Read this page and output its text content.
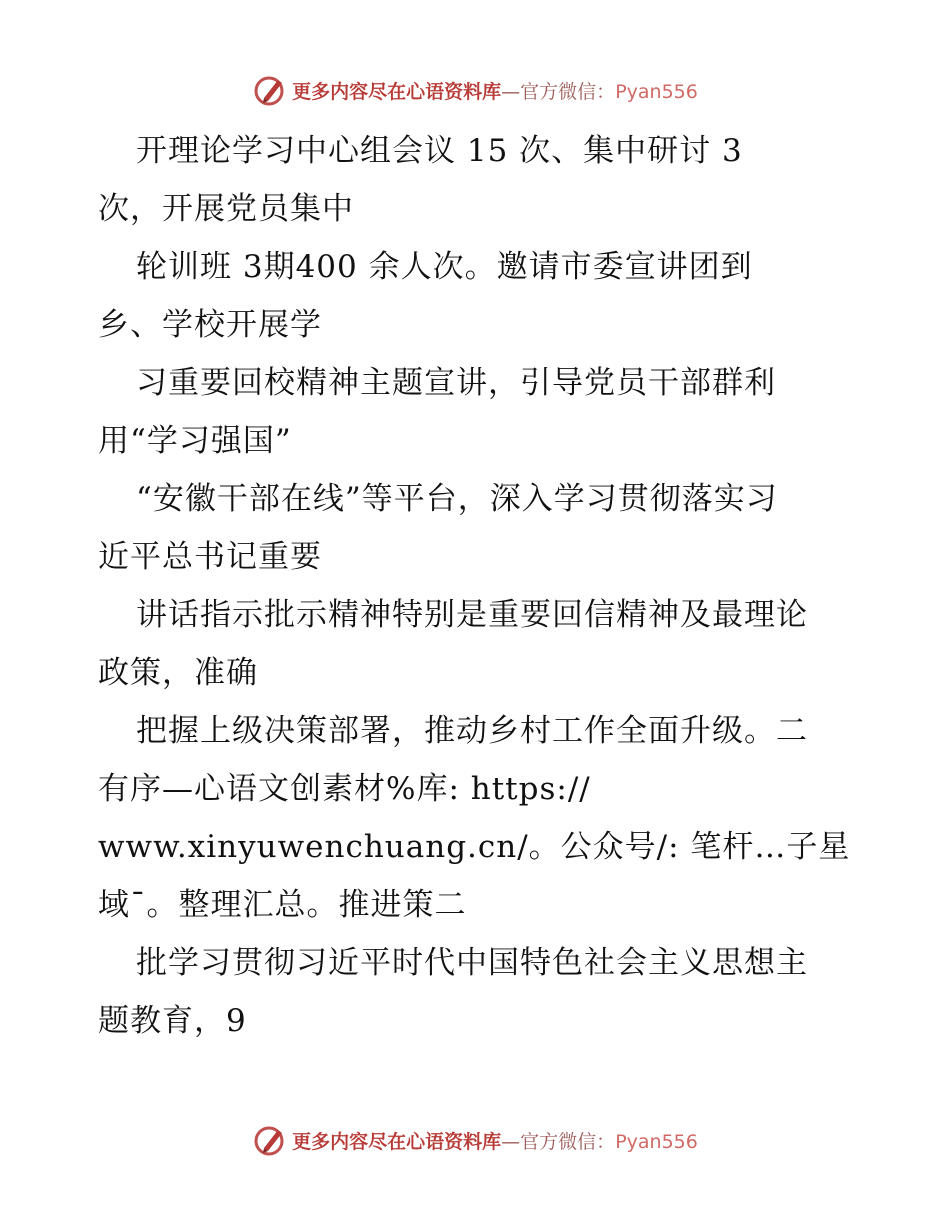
更多内容尽在心语资料库—官方微信：Pyan556
开理论学习中心组会议 15 次、集中研讨 3
次，开展党员集中
轮训班 3期400 余人次。邀请市委宣讲团到
乡、学校开展学
习重要回校精神主题宣讲，引导党员干部群利
用“学习强国”
“安徽干部在线”等平台，深入学习贯彻落实习
近平总书记重要
讲话指示批示精神特别是重要回信精神及最理论
政策，准确
把握上级决策部署，推动乡村工作全面升级。二
有序—心语文创素材%库: https://
www.xinyuwenchuang.cn/。公众号/: 笔杆…子星
域¯。整理汇总。推进策二
批学习贯彻习近平时代中国特色社会主义思想主
题教育，9
更多内容尽在心语资料库—官方微信：Pyan556
